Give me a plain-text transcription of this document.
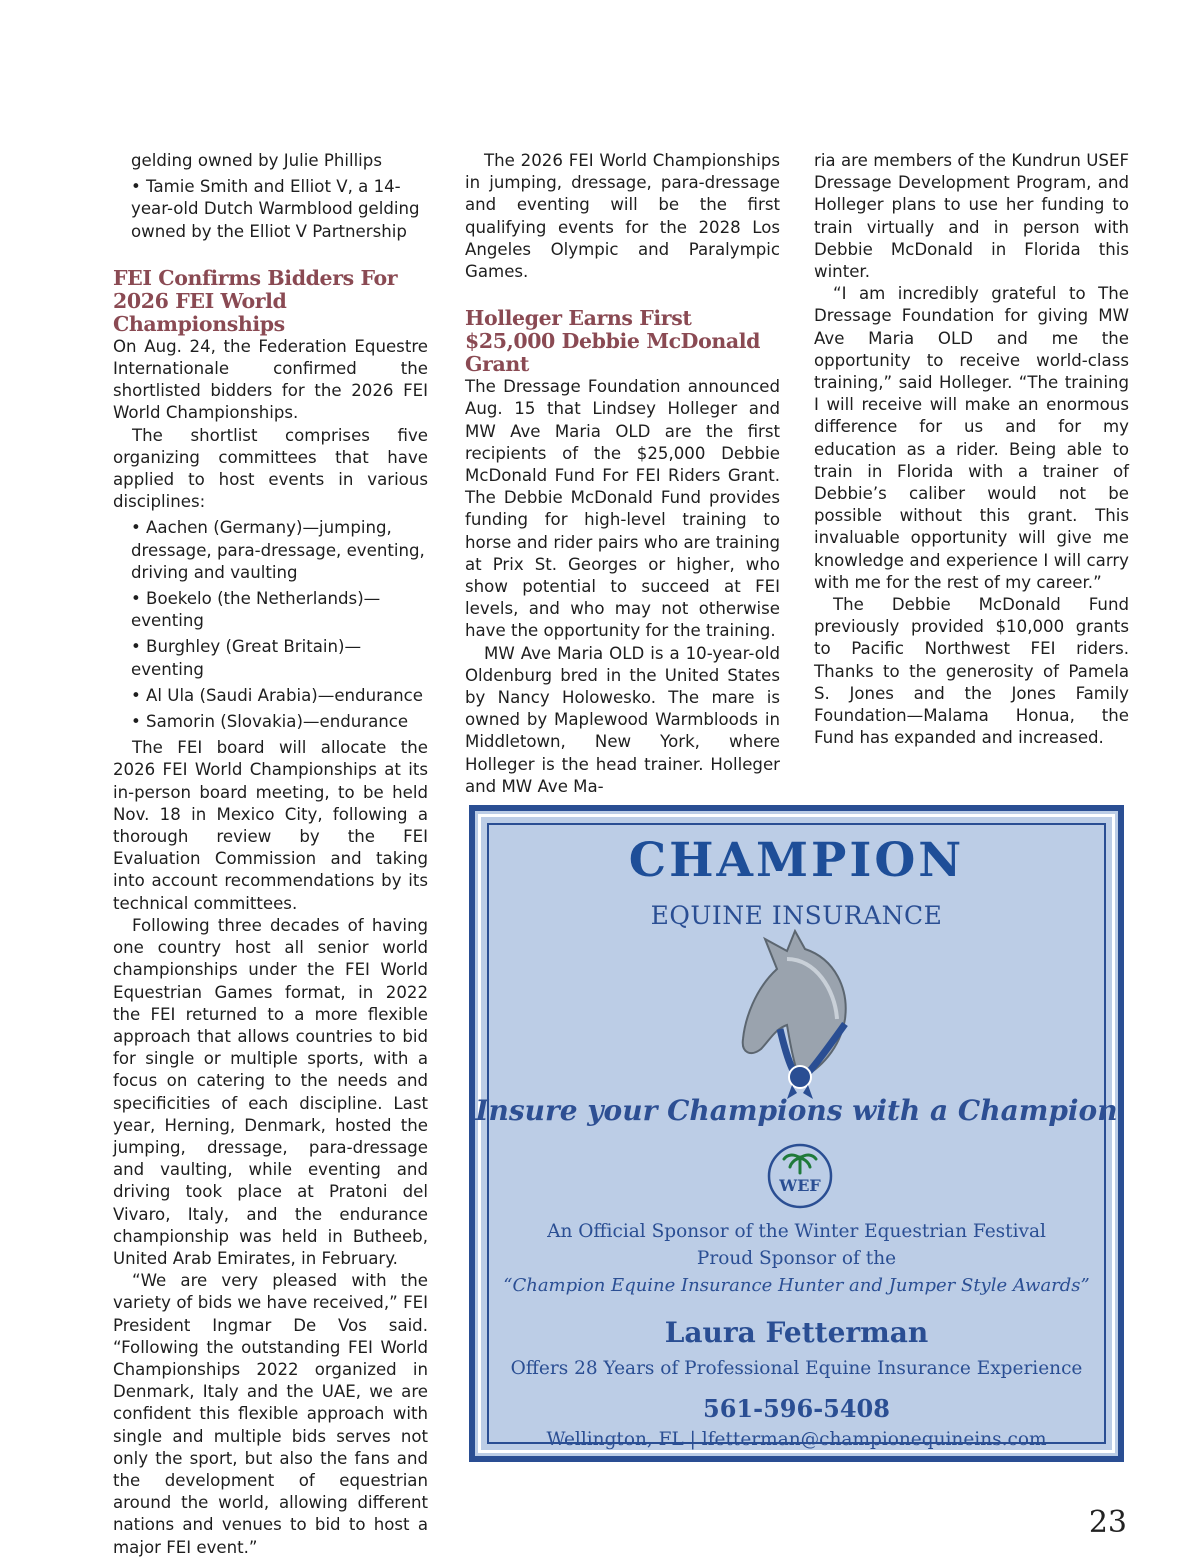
gelding owned by Julie Phillips

• Tamie Smith and Elliot V, a 14-year-old Dutch Warmblood gelding owned by the Elliot V Partnership

FEI Confirms Bidders For 2026 FEI World Championships

On Aug. 24, the Federation Equestre Internationale confirmed the shortlisted bidders for the 2026 FEI World Championships.

The shortlist comprises five organizing committees that have applied to host events in various disciplines:

• Aachen (Germany)—jumping, dressage, para-dressage, eventing, driving and vaulting

• Boekelo (the Netherlands)—eventing

• Burghley (Great Britain)—eventing

• Al Ula (Saudi Arabia)—endurance

• Samorin (Slovakia)—endurance

The FEI board will allocate the 2026 FEI World Championships at its in-person board meeting, to be held Nov. 18 in Mexico City, following a thorough review by the FEI Evaluation Commission and taking into account recommendations by its technical committees.

Following three decades of having one country host all senior world championships under the FEI World Equestrian Games format, in 2022 the FEI returned to a more flexible approach that allows countries to bid for single or multiple sports, with a focus on catering to the needs and specificities of each discipline. Last year, Herning, Denmark, hosted the jumping, dressage, para-dressage and vaulting, while eventing and driving took place at Pratoni del Vivaro, Italy, and the endurance championship was held in Butheeb, United Arab Emirates, in February.

“We are very pleased with the variety of bids we have received,” FEI President Ingmar De Vos said. “Following the outstanding FEI World Championships 2022 organized in Denmark, Italy and the UAE, we are confident this flexible approach with single and multiple bids serves not only the sport, but also the fans and the development of equestrian around the world, allowing different nations and venues to bid to host a major FEI event.”

The 2026 FEI World Championships in jumping, dressage, para-dressage and eventing will be the first qualifying events for the 2028 Los Angeles Olympic and Paralympic Games.

Holleger Earns First $25,000 Debbie McDonald Grant

The Dressage Foundation announced Aug. 15 that Lindsey Holleger and MW Ave Maria OLD are the first recipients of the $25,000 Debbie McDonald Fund For FEI Riders Grant. The Debbie McDonald Fund provides funding for high-level training to horse and rider pairs who are training at Prix St. Georges or higher, who show potential to succeed at FEI levels, and who may not otherwise have the opportunity for the training.

MW Ave Maria OLD is a 10-year-old Oldenburg bred in the United States by Nancy Holowesko. The mare is owned by Maplewood Warmbloods in Middletown, New York, where Holleger is the head trainer. Holleger and MW Ave Ma-

ria are members of the Kundrun USEF Dressage Development Program, and Holleger plans to use her funding to train virtually and in person with Debbie McDonald in Florida this winter.

“I am incredibly grateful to The Dressage Foundation for giving MW Ave Maria OLD and me the opportunity to receive world-class training,” said Holleger. “The training I will receive will make an enormous difference for us and for my education as a rider. Being able to train in Florida with a trainer of Debbie’s caliber would not be possible without this grant. This invaluable opportunity will give me knowledge and experience I will carry with me for the rest of my career.”

The Debbie McDonald Fund previously provided $10,000 grants to Pacific Northwest FEI riders. Thanks to the generosity of Pamela S. Jones and the Jones Family Foundation—Malama Honua, the Fund has expanded and increased.

CHAMPION
EQUINE INSURANCE
Insure your Champions with a Champion
WEF
An Official Sponsor of the Winter Equestrian Festival
Proud Sponsor of the
“Champion Equine Insurance Hunter and Jumper Style Awards”
Laura Fetterman
Offers 28 Years of Professional Equine Insurance Experience
561-596-5408
Wellington, FL | lfetterman@championequineins.com
23
